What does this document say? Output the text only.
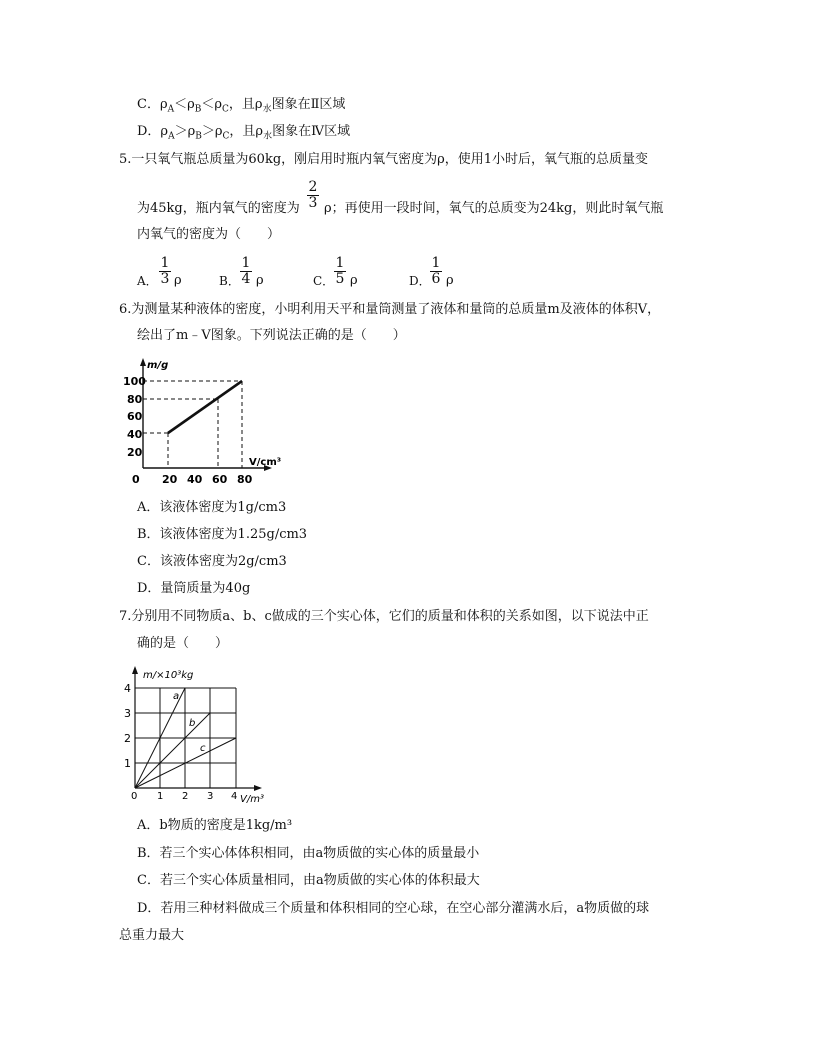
C．$\rho_A<\rho_B<\rho_C$，且$\rho_水$图象在Ⅱ区域
D．$\rho_A>\rho_B>\rho_C$，且$\rho_水$图象在Ⅳ区域
5.一只氧气瓶总质量为60kg，刚启用时瓶内氧气密度为ρ，使用1小时后，氧气瓶的总质量变
为45kg，瓶内氧气的密度为
2
3 ρ；再使用一段时间，氧气的总质变为24kg，则此时氧气瓶
内氧气的密度为（　　）
A．
1
3 ρ	B．
1
4 ρ	C．
1
5 ρ	D．
1
6 ρ
6.为测量某种液体的密度，小明利用天平和量筒测量了液体和量筒的总质量m及液体的体积V，
绘出了m﹣V图象。下列说法正确的是（　　）
m/g
V/cm³
0
100
80
60
40
20
20 40 60 80
A．该液体密度为1g/cm3
B．该液体密度为1.25g/cm3
C．该液体密度为2g/cm3
D．量筒质量为40g
7.分别用不同物质a、b、c做成的三个实心体，它们的质量和体积的关系如图，以下说法中正
确的是（　　）
m/×10³kg
V/m³
0
4
3
2
1
1 2 3 4
a
b
c
A．b物质的密度是1kg/m³
B．若三个实心体体积相同，由a物质做的实心体的质量最小
C．若三个实心体质量相同，由a物质做的实心体的体积最大
D．若用三种材料做成三个质量和体积相同的空心球，在空心部分灌满水后，a物质做的球
总重力最大
